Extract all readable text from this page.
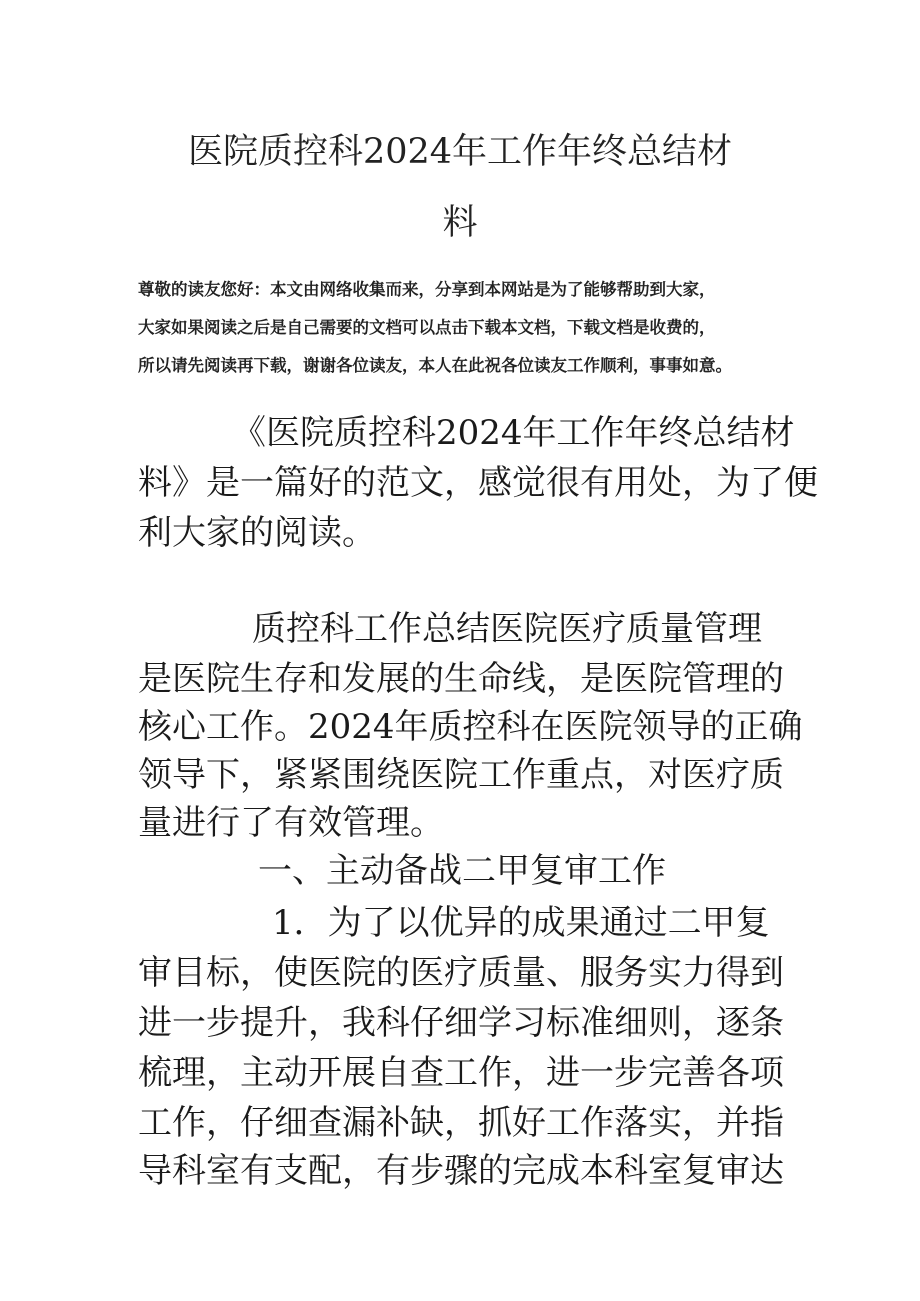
医院质控科2024年工作年终总结材
料
尊敬的读友您好：本文由网络收集而来，分享到本网站是为了能够帮助到大家，
大家如果阅读之后是自己需要的文档可以点击下载本文档，下载文档是收费的，
所以请先阅读再下载，谢谢各位读友，本人在此祝各位读友工作顺利，事事如意。

《医院质控科2024年工作年终总结材

料》是一篇好的范文，感觉很有用处，为了便

利大家的阅读。

质控科工作总结医院医疗质量管理

是医院生存和发展的生命线，是医院管理的

核心工作。2024年质控科在医院领导的正确

领导下，紧紧围绕医院工作重点，对医疗质

量进行了有效管理。

一、主动备战二甲复审工作

1．为了以优异的成果通过二甲复

审目标，使医院的医疗质量、服务实力得到

进一步提升，我科仔细学习标准细则，逐条

梳理，主动开展自查工作，进一步完善各项

工作，仔细查漏补缺，抓好工作落实，并指

导科室有支配，有步骤的完成本科室复审达
